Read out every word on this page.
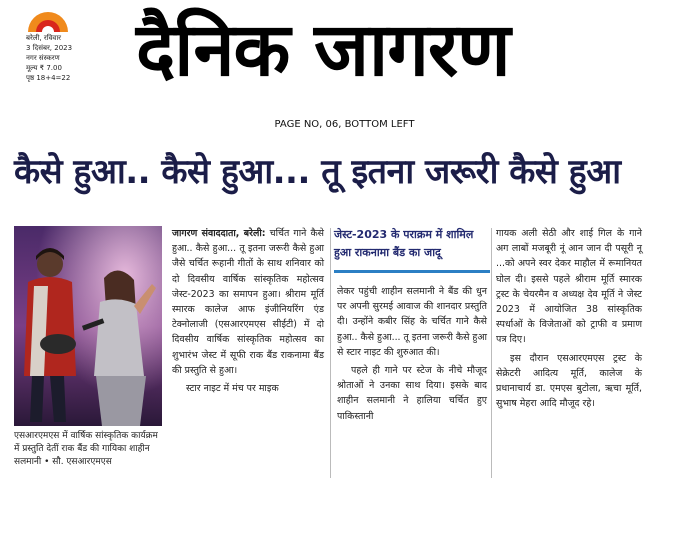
बरेली, रविवार
3 दिसंबर, 2023
नगर संस्करण
मूल्य ₹ 7.00
पृष्ठ 18+4=22 दैनिक जागरण
PAGE NO, 06, BOTTOM LEFT
कैसे हुआ.. कैसे हुआ... तू इतना जरूरी कैसे हुआ
एसआरएमएस में वार्षिक सांस्कृतिक कार्यक्रम में प्रस्तुति देतीं राक बैंड की गायिका शाहीन सलमानी • सौ. एसआरएमएस

जागरण संवाददाता, बरेली: चर्चित गाने कैसे हुआ.. कैसे हुआ... तू इतना जरूरी कैसे हुआ जैसे चर्चित रूहानी गीतों के साथ शनिवार को दो दिवसीय वार्षिक सांस्कृतिक महोत्सव जेस्ट-2023 का समापन हुआ। श्रीराम मूर्ति स्मारक कालेज आफ इंजीनियरिंग एंड टेक्नोलाजी (एसआरएमएस सीईटी) में दो दिवसीय वार्षिक सांस्कृतिक महोत्सव का शुभारंभ जेस्ट में सूफी राक बैंड राकनामा बैंड की प्रस्तुति से हुआ।

स्टार नाइट में मंच पर माइक

जेस्ट-2023 के पराक्रम में शामिल हुआ राकनामा बैंड का जादू

लेकर पहुंची शाहीन सलमानी ने बैंड की धुन पर अपनी सुरमई आवाज की शानदार प्रस्तुति दी। उन्होंने कबीर सिंह के चर्चित गाने कैसे हुआ.. कैसे हुआ... तू इतना जरूरी कैसे हुआ से स्टार नाइट की शुरुआत की।

पहले ही गाने पर स्टेज के नीचे मौजूद श्रोताओं ने उनका साथ दिया। इसके बाद शाहीन सलमानी ने हालिया चर्चित हुए पाकिस्तानी

गायक अली सेठी और शाई गिल के गाने अग लाबों मजबूरी नूं आन जान दी पसूरी नू ...को अपने स्वर देकर माहौल में रूमानियत घोल दी। इससे पहले श्रीराम मूर्ति स्मारक ट्रस्ट के चेयरमैन व अध्यक्ष देव मूर्ति ने जेस्ट 2023 में आयोजित 38 सांस्कृतिक स्पर्धाओं के विजेताओं को ट्राफी व प्रमाण पत्र दिए।

इस दौरान एसआरएमएस ट्रस्ट के सेक्रेटरी आदित्य मूर्ति, कालेज के प्रधानाचार्य डा. एमएस बुटोला, ऋचा मूर्ति, सुभाष मेहरा आदि मौजूद रहे।
